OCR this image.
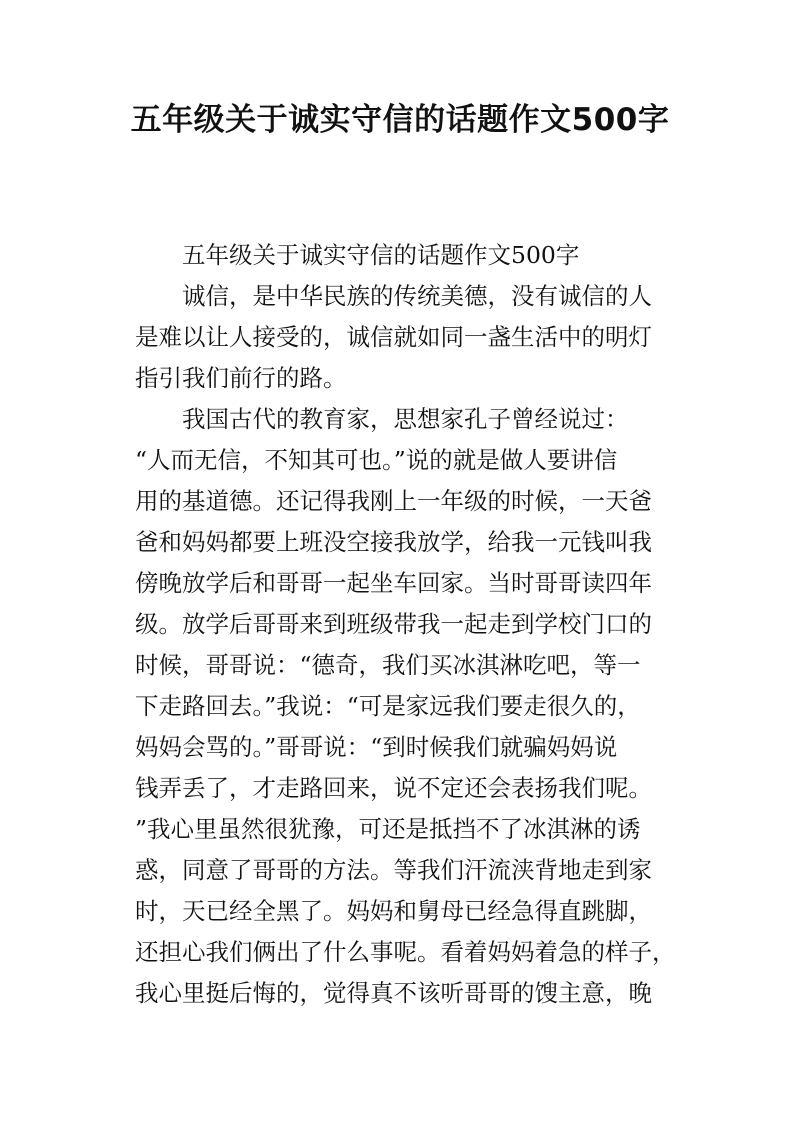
五年级关于诚实守信的话题作文500字
五年级关于诚实守信的话题作文500字
诚信，是中华民族的传统美德，没有诚信的人
是难以让人接受的，诚信就如同一盏生活中的明灯
指引我们前行的路。
我国古代的教育家，思想家孔子曾经说过：
“人而无信，不知其可也。”说的就是做人要讲信
用的基道德。还记得我刚上一年级的时候，一天爸
爸和妈妈都要上班没空接我放学，给我一元钱叫我
傍晚放学后和哥哥一起坐车回家。当时哥哥读四年
级。放学后哥哥来到班级带我一起走到学校门口的
时候，哥哥说：“德奇，我们买冰淇淋吃吧，等一
下走路回去。”我说：“可是家远我们要走很久的，
妈妈会骂的。”哥哥说：“到时候我们就骗妈妈说
钱弄丢了，才走路回来，说不定还会表扬我们呢。
”我心里虽然很犹豫，可还是抵挡不了冰淇淋的诱
惑，同意了哥哥的方法。等我们汗流浃背地走到家
时，天已经全黑了。妈妈和舅母已经急得直跳脚，
还担心我们俩出了什么事呢。看着妈妈着急的样子，
我心里挺后悔的，觉得真不该听哥哥的馊主意，晚
